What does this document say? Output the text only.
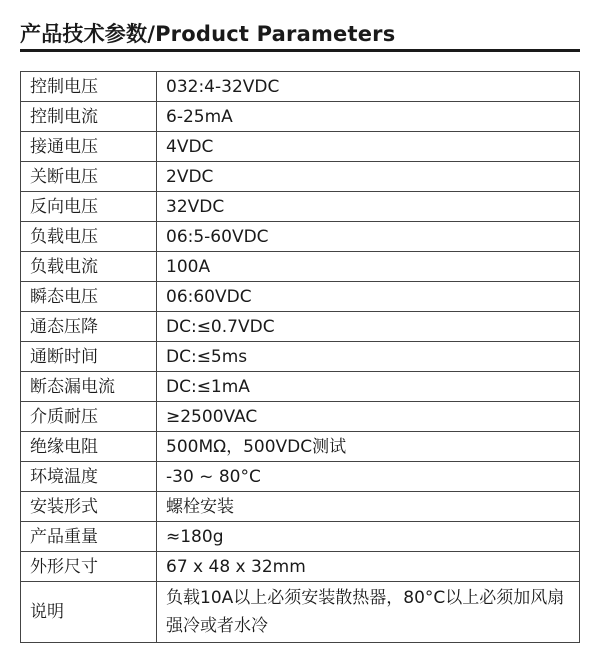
产品技术参数/Product Parameters
控制电压	032:4-32VDC
控制电流	6-25mA
接通电压	4VDC
关断电压	2VDC
反向电压	32VDC
负载电压	06:5-60VDC
负载电流	100A
瞬态电压	06:60VDC
通态压降	DC:≤0.7VDC
通断时间	DC:≤5ms
断态漏电流	DC:≤1mA
介质耐压	≥2500VAC
绝缘电阻	500MΩ，500VDC测试
环境温度	-30 ~ 80°C
安装形式	螺栓安装
产品重量	≈180g
外形尺寸	67 x 48 x 32mm
说明	负载10A以上必须安装散热器，80°C以上必须加风扇强冷或者水冷
